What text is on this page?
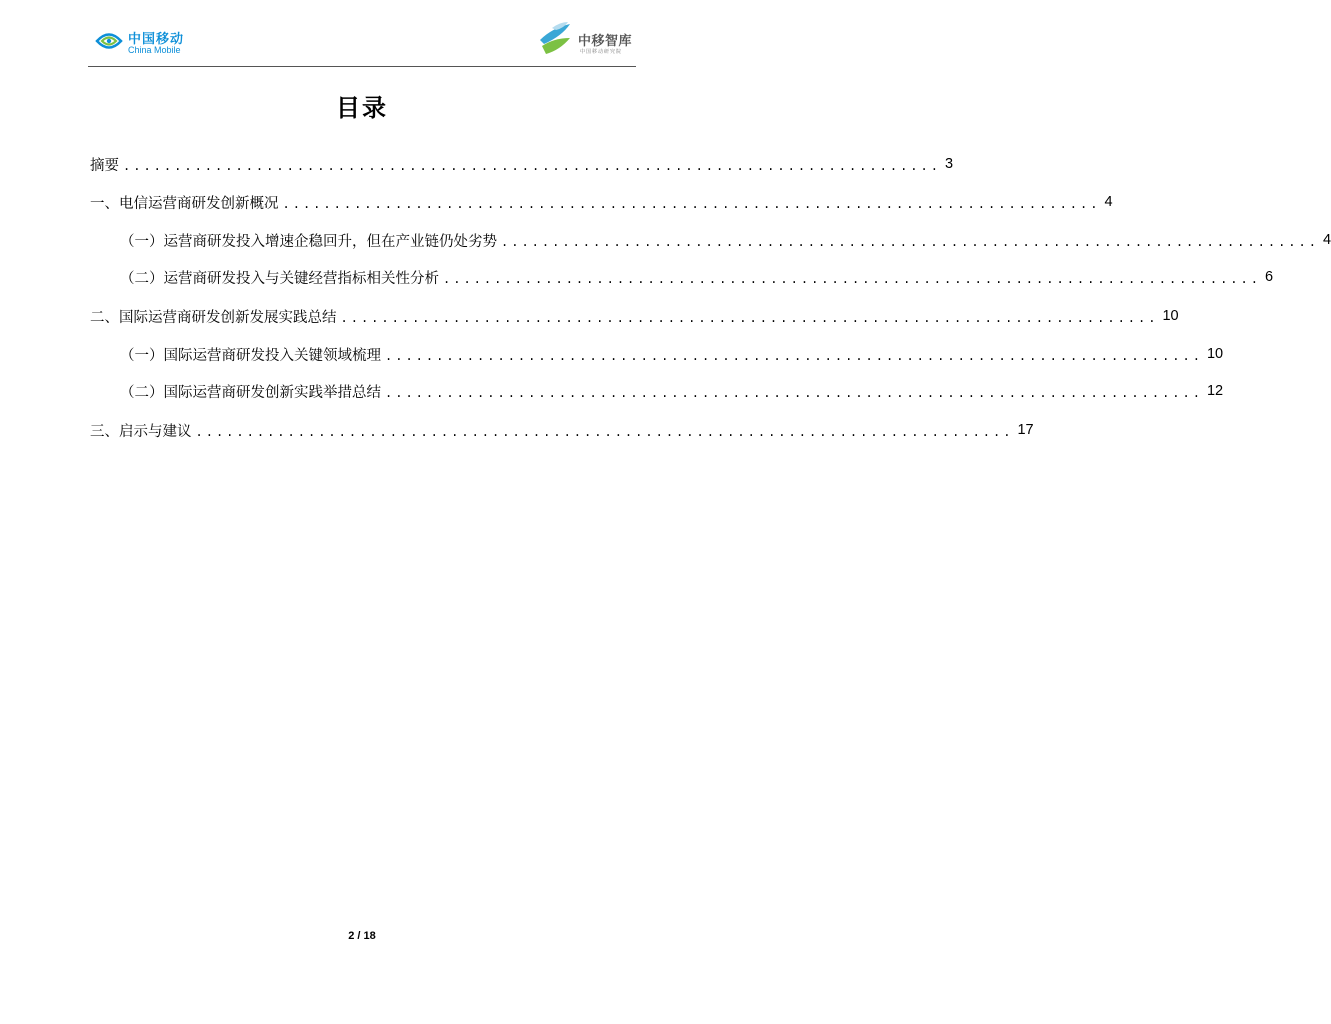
中国移动
China Mobile
中移智库
中国移动研究院
目录
摘要 ................................................................................ 3
一、电信运营商研发创新概况 ................................................................................ 4
（一）运营商研发投入增速企稳回升，但在产业链仍处劣势 ................................................................................ 4
（二）运营商研发投入与关键经营指标相关性分析 ................................................................................ 6
二、国际运营商研发创新发展实践总结 ................................................................................ 10
（一）国际运营商研发投入关键领域梳理 ................................................................................ 10
（二）国际运营商研发创新实践举措总结 ................................................................................ 12
三、启示与建议 ................................................................................ 17
2 / 18
